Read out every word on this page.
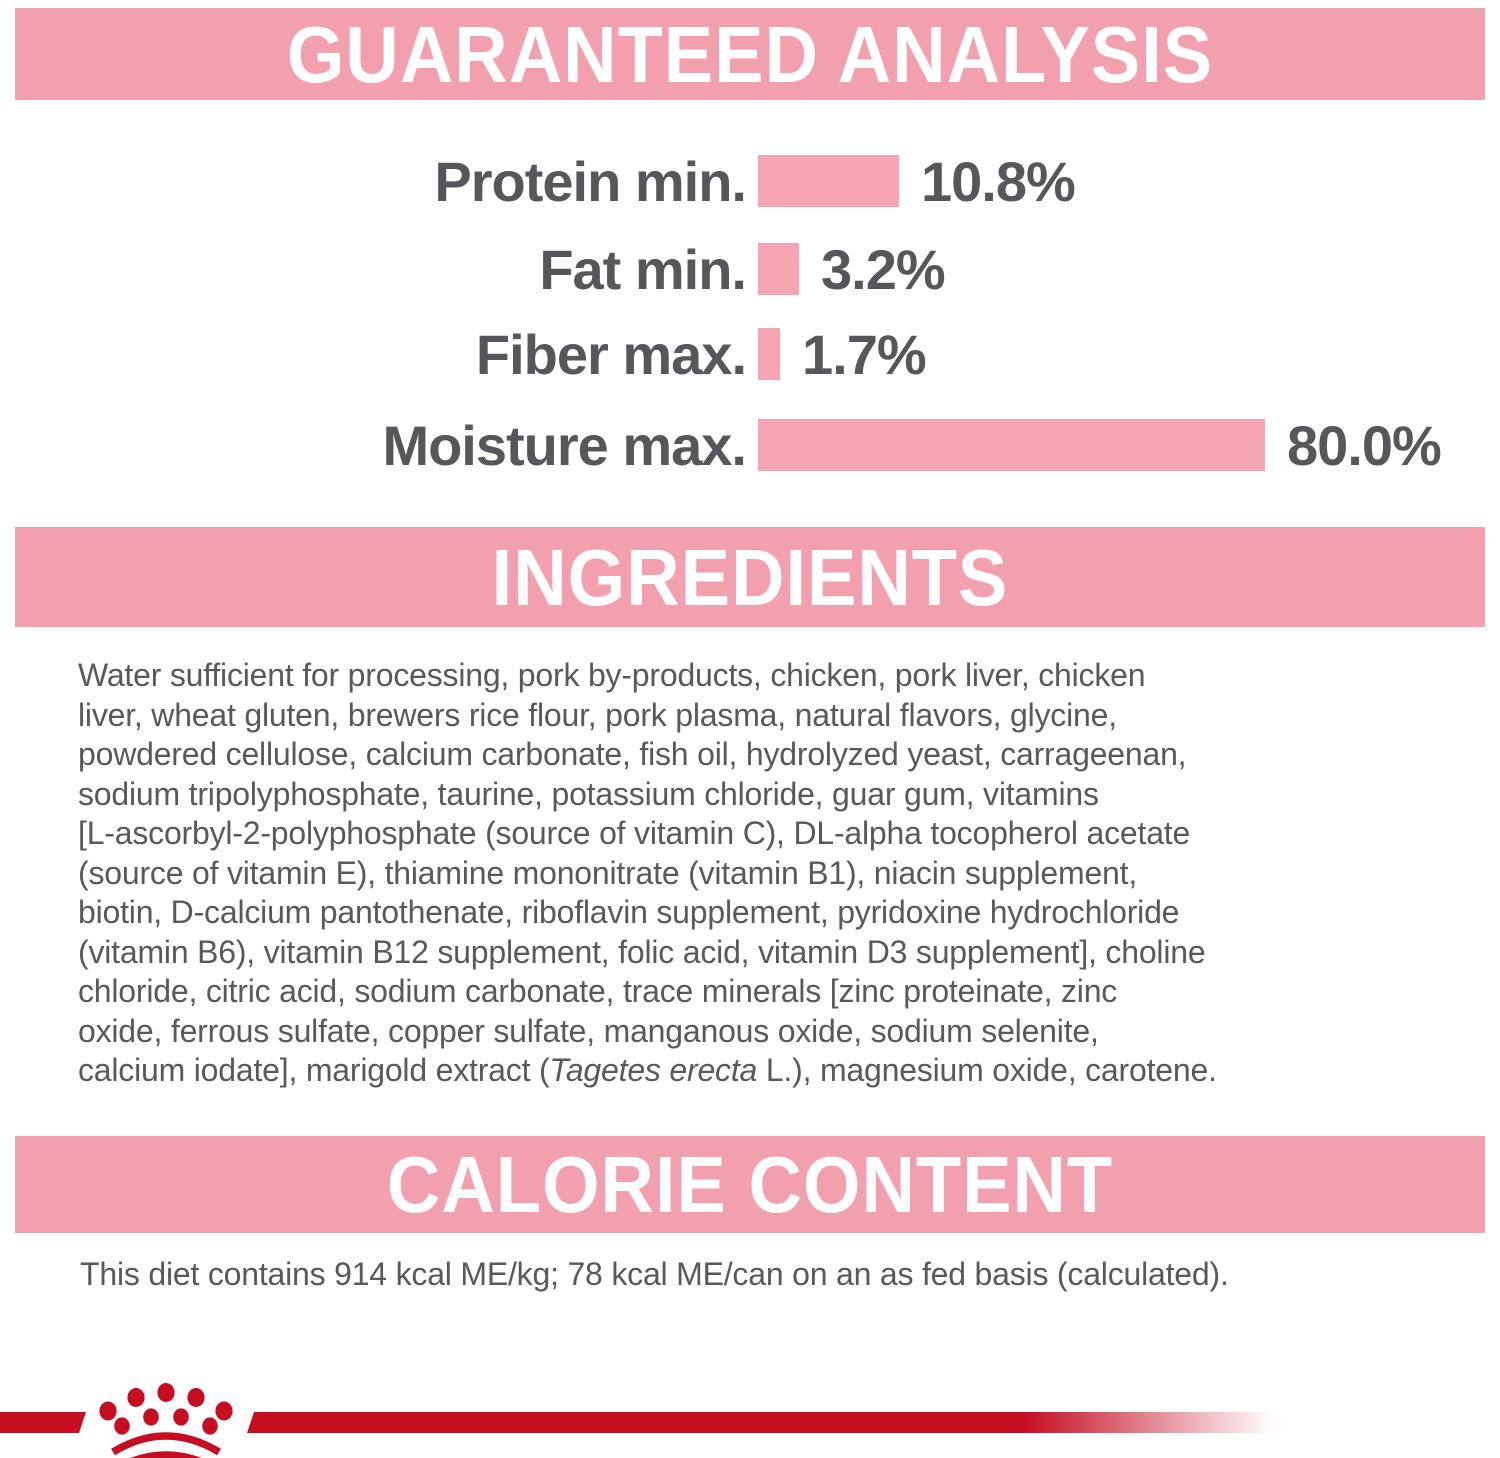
GUARANTEED ANALYSIS
Protein min.	10.8%
Fat min. 3.2%
Fiber max. 1.7%
Moisture max.	80.0%
INGREDIENTS
Water sufficient for processing, pork by-products, chicken, pork liver, chicken
liver, wheat gluten, brewers rice flour, pork plasma, natural flavors, glycine,
powdered cellulose, calcium carbonate, fish oil, hydrolyzed yeast, carrageenan,
sodium tripolyphosphate, taurine, potassium chloride, guar gum, vitamins
[L-ascorbyl-2-polyphosphate (source of vitamin C), DL-alpha tocopherol acetate
(source of vitamin E), thiamine mononitrate (vitamin B1), niacin supplement,
biotin, D-calcium pantothenate, riboflavin supplement, pyridoxine hydrochloride
(vitamin B6), vitamin B12 supplement, folic acid, vitamin D3 supplement], choline
chloride, citric acid, sodium carbonate, trace minerals [zinc proteinate, zinc
oxide, ferrous sulfate, copper sulfate, manganous oxide, sodium selenite,
calcium iodate], marigold extract (Tagetes erecta L.), magnesium oxide, carotene.
CALORIE CONTENT
This diet contains 914 kcal ME/kg; 78 kcal ME/can on an as fed basis (calculated).
